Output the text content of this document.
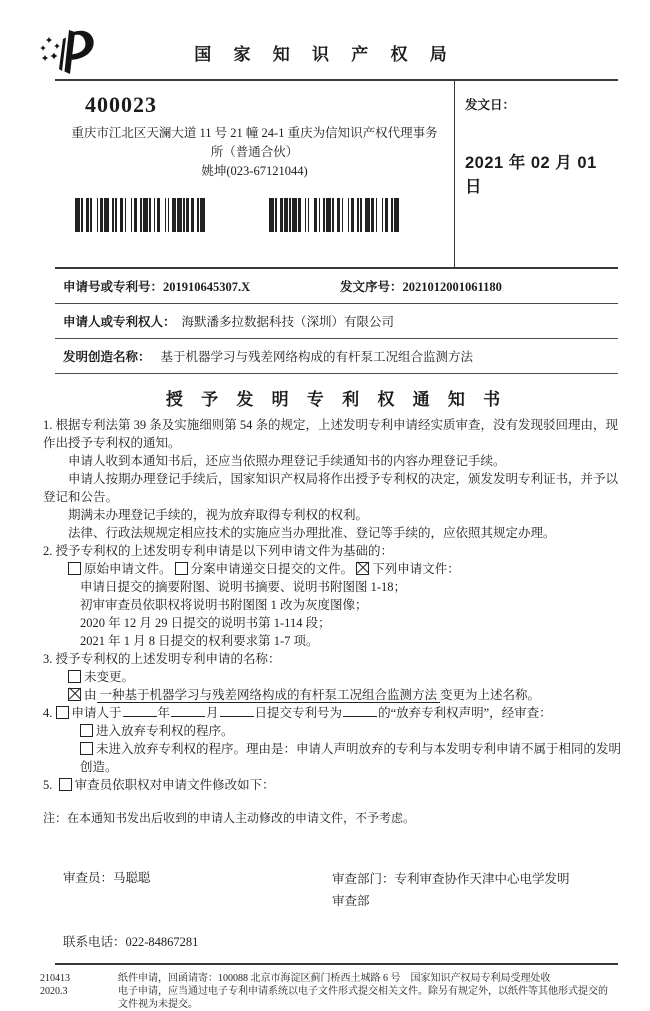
国 家 知 识 产 权 局
400023
重庆市江北区天澜大道 11 号 21 幢 24-1 重庆为信知识产权代理事务
所（普通合伙）
姚坤(023-67121044)
发文日：
2021 年 02 月 01 日
申请号或专利号：201910645307.X	发文序号：2021012001061180
申请人或专利权人： 海默潘多拉数据科技（深圳）有限公司
发明创造名称： 基于机器学习与残差网络构成的有杆泵工况组合监测方法
授 予 发 明 专 利 权 通 知 书
1. 根据专利法第 39 条及实施细则第 54 条的规定，上述发明专利申请经实质审查，没有发现驳回理由，现作出授予专利权的通知。
申请人收到本通知书后，还应当依照办理登记手续通知书的内容办理登记手续。
申请人按期办理登记手续后，国家知识产权局将作出授予专利权的决定，颁发发明专利证书，并予以登记和公告。
期满未办理登记手续的，视为放弃取得专利权的权利。
法律、行政法规规定相应技术的实施应当办理批准、登记等手续的，应依照其规定办理。
2. 授予专利权的上述发明专利申请是以下列申请文件为基础的：
原始申请文件。 分案申请递交日提交的文件。 下列申请文件：
申请日提交的摘要附图、说明书摘要、说明书附图图 1-18；
初审审查员依职权将说明书附图图 1 改为灰度图像；
2020 年 12 月 29 日提交的说明书第 1-114 段；
2021 年 1 月 8 日提交的权利要求第 1-7 项。
3. 授予专利权的上述发明专利申请的名称：
未变更。
由 一种基于机器学习与残差网络构成的有杆泵工况组合监测方法 变更为上述名称。
4. 申请人于	年	月	日提交专利号为	的“放弃专利权声明”，经审查：
进入放弃专利权的程序。
未进入放弃专利权的程序。理由是：申请人声明放弃的专利与本发明专利申请不属于相同的发明创造。
5. 审查员依职权对申请文件修改如下：
注：在本通知书发出后收到的申请人主动修改的申请文件，不予考虑。
审查员：马聪聪	审查部门：专利审查协作天津中心电学发明
审查部
联系电话：022-84867281
210413
2020.3
纸件申请，回函请寄：100088 北京市海淀区蓟门桥西土城路 6 号　国家知识产权局专利局受理处收
电子申请，应当通过电子专利申请系统以电子文件形式提交相关文件。除另有规定外，以纸件等其他形式提交的文件视为未提交。
